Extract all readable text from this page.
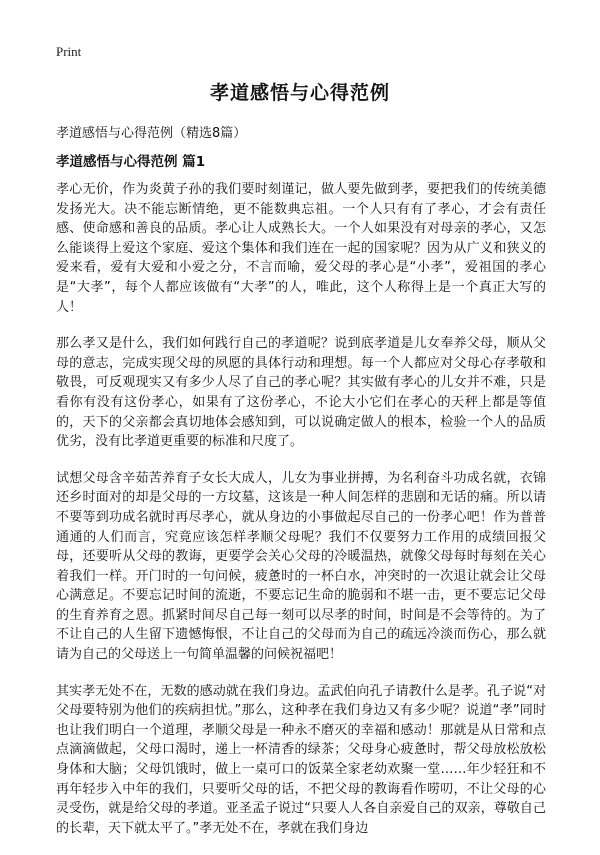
Print
孝道感悟与心得范例
孝道感悟与心得范例（精选8篇）
孝道感悟与心得范例 篇1

孝心无价，作为炎黄子孙的我们要时刻谨记，做人要先做到孝，要把我们的传统美德发扬光大。决不能忘断情绝，更不能数典忘祖。一个人只有有了孝心，才会有责任感、使命感和善良的品质。孝心让人成熟长大。一个人如果没有对母亲的孝心，又怎么能谈得上爱这个家庭、爱这个集体和我们连在一起的国家呢？因为从广义和狭义的爱来看，爱有大爱和小爱之分，不言而喻，爱父母的孝心是“小孝”，爱祖国的孝心是“大孝”，每个人都应该做有“大孝”的人，唯此，这个人称得上是一个真正大写的人！

那么孝又是什么，我们如何践行自己的孝道呢？说到底孝道是儿女奉养父母，顺从父母的意志，完成实现父母的夙愿的具体行动和理想。每一个人都应对父母心存孝敬和敬畏，可反观现实又有多少人尽了自己的孝心呢？其实做有孝心的儿女并不难，只是看你有没有这份孝心，如果有了这份孝心，不论大小它们在孝心的天秤上都是等值的，天下的父亲都会真切地体会感知到，可以说确定做人的根本，检验一个人的品质优劣，没有比孝道更重要的标准和尺度了。

试想父母含辛茹苦养育子女长大成人，儿女为事业拼搏，为名利奋斗功成名就，衣锦还乡时面对的却是父母的一方坟墓，这该是一种人间怎样的悲剧和无话的痛。所以请不要等到功成名就时再尽孝心，就从身边的小事做起尽自己的一份孝心吧！作为普普通通的人们而言，究竟应该怎样孝顺父母呢？我们不仅要努力工作用的成绩回报父母，还要听从父母的教诲，更要学会关心父母的冷暖温热，就像父母每时每刻在关心着我们一样。开门时的一句问候，疲惫时的一杯白水，冲突时的一次退让就会让父母心满意足。不要忘记时间的流逝，不要忘记生命的脆弱和不堪一击，更不要忘记父母的生育养育之恩。抓紧时间尽自己每一刻可以尽孝的时间，时间是不会等待的。为了不让自己的人生留下遗憾悔恨，不让自己的父母而为自己的疏远冷淡而伤心，那么就请为自己的父母送上一句简单温馨的问候祝福吧！

其实孝无处不在，无数的感动就在我们身边。孟武伯向孔子请教什么是孝。孔子说“对父母要特别为他们的疾病担忧。”那么，这种孝在我们身边又有多少呢？说道“孝”同时也让我们明白一个道理，孝顺父母是一种永不磨灭的幸福和感动！那就是从日常和点点滴滴做起，父母口渴时，递上一杯清香的绿茶；父母身心疲惫时，帮父母放松放松身体和大脑；父母饥饿时，做上一桌可口的饭菜全家老幼欢聚一堂……年少轻狂和不再年轻步入中年的我们，只要听父母的话，不把父母的教诲看作唠叨，不让父母的心灵受伤，就是给父母的孝道。亚圣孟子说过“只要人人各自亲爱自己的双亲，尊敬自己的长辈，天下就太平了。”孝无处不在，孝就在我们身边
